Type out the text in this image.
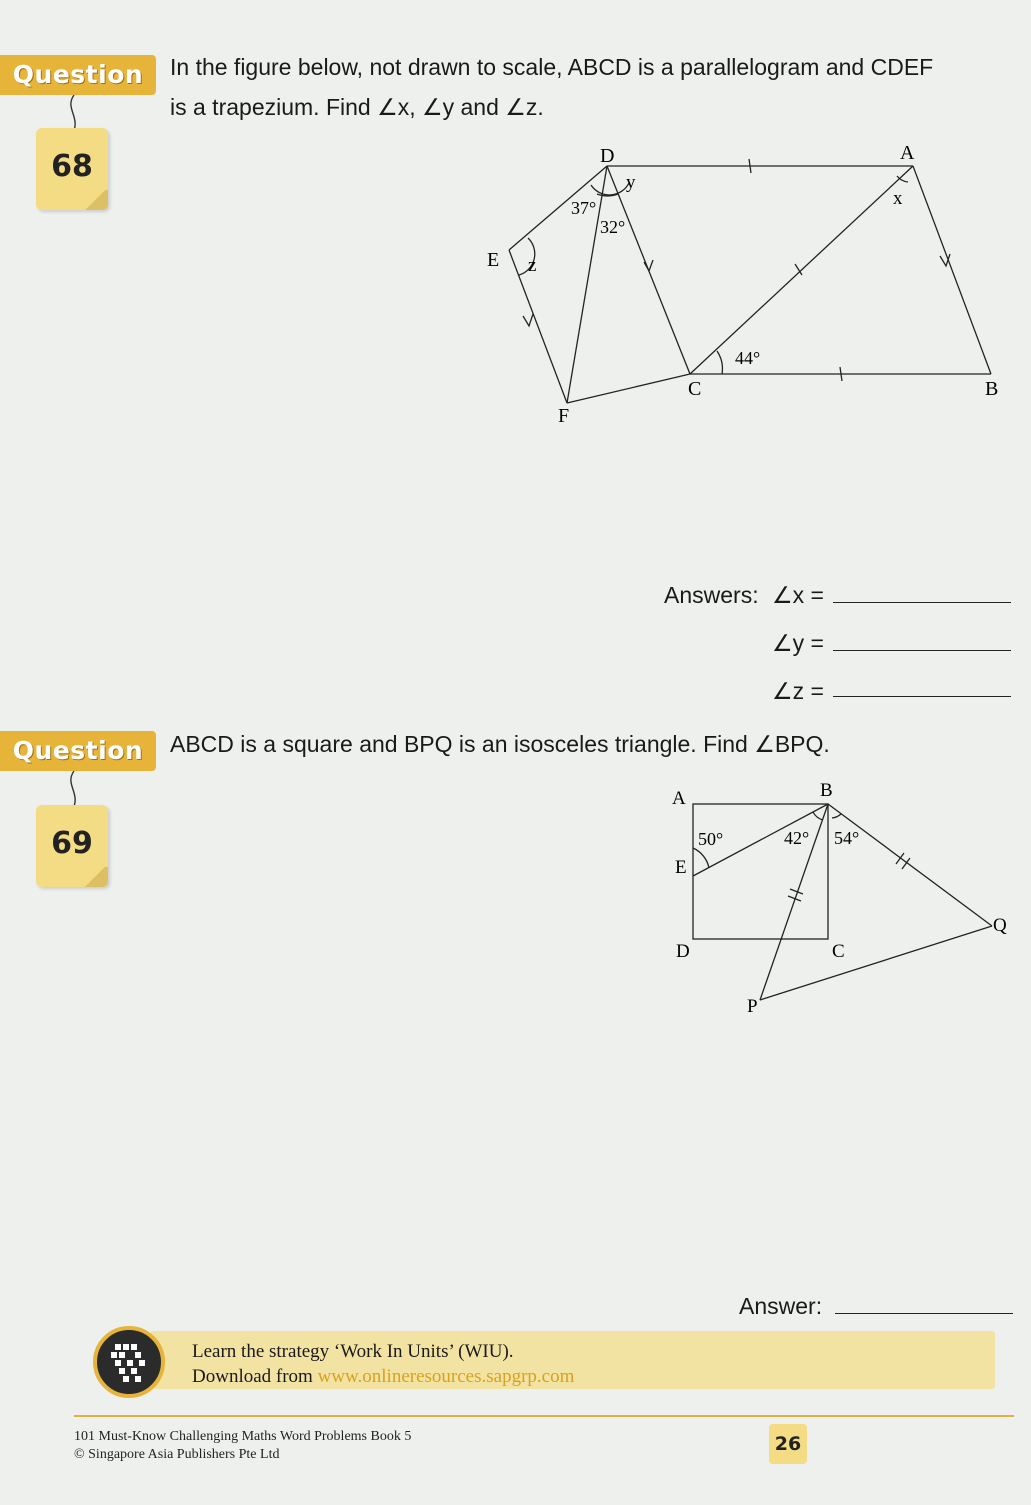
Question
68
In the figure below, not drawn to scale, ABCD is a parallelogram and CDEF
is a trapezium. Find ∠x, ∠y and ∠z.
D	A
E
F
C	B
y
x
z
37°
32°
44°
Answers: ∠x =
∠y =
∠z =
Question
69
ABCD is a square and BPQ is an isosceles triangle. Find ∠BPQ.
A	B
E
D	C
P
Q
50°	42° 54°
Answer:
Learn the strategy ‘Work In Units’ (WIU).
Download from www.onlineresources.sapgrp.com
101 Must-Know Challenging Maths Word Problems Book 5
© Singapore Asia Publishers Pte Ltd	26
